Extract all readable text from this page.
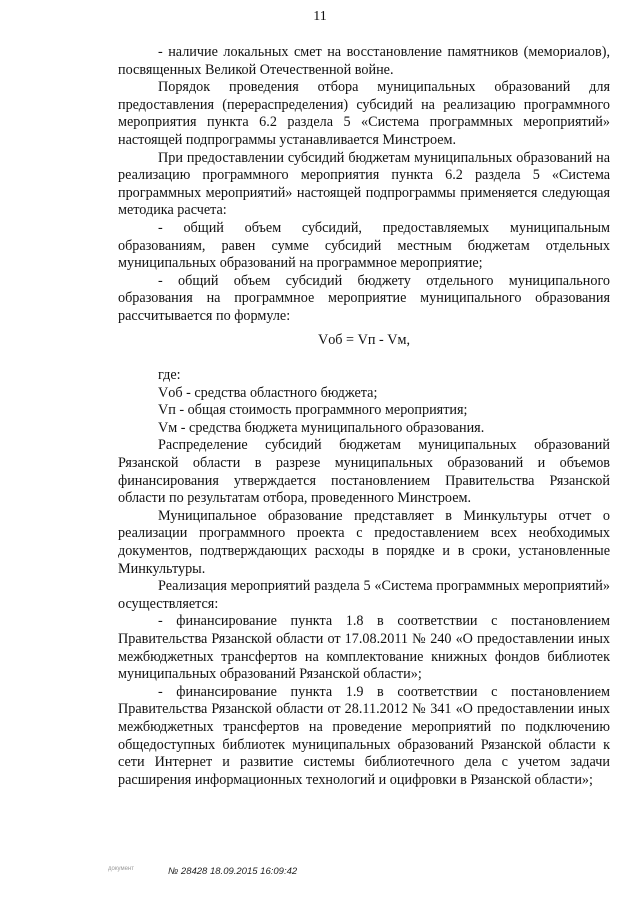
11

- наличие локальных смет на восстановление памятников (мемориалов), посвященных Великой Отечественной войне.

Порядок проведения отбора муниципальных образований для предоставления (перераспределения) субсидий на реализацию программного мероприятия пункта 6.2 раздела 5 «Система программных мероприятий» настоящей подпрограммы устанавливается Минстроем.

При предоставлении субсидий бюджетам муниципальных образований на реализацию программного мероприятия пункта 6.2 раздела 5 «Система программных мероприятий» настоящей подпрограммы применяется следующая методика расчета:

- общий объем субсидий, предоставляемых муниципальным образованиям, равен сумме субсидий местным бюджетам отдельных муниципальных образований на программное мероприятие;

- общий объем субсидий бюджету отдельного муниципального образования на программное мероприятие муниципального образования рассчитывается по формуле:

Vоб = Vп - Vм,

где:

Vоб - средства областного бюджета;

Vп - общая стоимость программного мероприятия;

Vм - средства бюджета муниципального образования.

Распределение субсидий бюджетам муниципальных образований Рязанской области в разрезе муниципальных образований и объемов финансирования утверждается постановлением Правительства Рязанской области по результатам отбора, проведенного Минстроем.

Муниципальное образование представляет в Минкультуры отчет о реализации программного проекта с предоставлением всех необходимых документов, подтверждающих расходы в порядке и в сроки, установленные Минкультуры.

Реализация мероприятий раздела 5 «Система программных мероприятий» осуществляется:

- финансирование пункта 1.8 в соответствии с постановлением Правительства Рязанской области от 17.08.2011 № 240 «О предоставлении иных межбюджетных трансфертов на комплектование книжных фондов библиотек муниципальных образований Рязанской области»;

- финансирование пункта 1.9 в соответствии с постановлением Правительства Рязанской области от 28.11.2012 № 341 «О предоставлении иных межбюджетных трансфертов на проведение мероприятий по подключению общедоступных библиотек муниципальных образований Рязанской области к сети Интернет и развитие системы библиотечного дела с учетом задачи расширения информационных технологий и оцифровки в Рязанской области»;

документ	№ 28428 18.09.2015 16:09:42
